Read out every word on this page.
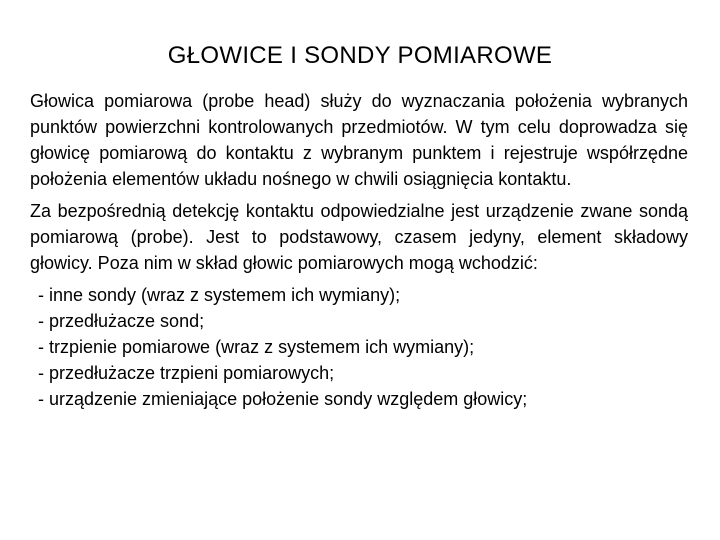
GŁOWICE I SONDY POMIAROWE

Głowica pomiarowa (probe head) służy do wyznaczania położenia wybranych punktów powierzchni kontrolowanych przedmiotów. W tym celu doprowadza się głowicę pomiarową do kontaktu z wybranym punktem i rejestruje współrzędne położenia elementów układu nośnego w chwili osiągnięcia kontaktu.

Za bezpośrednią detekcję kontaktu odpowiedzialne jest urządzenie zwane sondą pomiarową (probe). Jest to podstawowy, czasem jedyny, element składowy głowicy. Poza nim w skład głowic pomiarowych mogą wchodzić:

- inne sondy (wraz z systemem ich wymiany);
- przedłużacze sond;
- trzpienie pomiarowe (wraz z systemem ich wymiany);
- przedłużacze trzpieni pomiarowych;
- urządzenie zmieniające położenie sondy względem głowicy;
